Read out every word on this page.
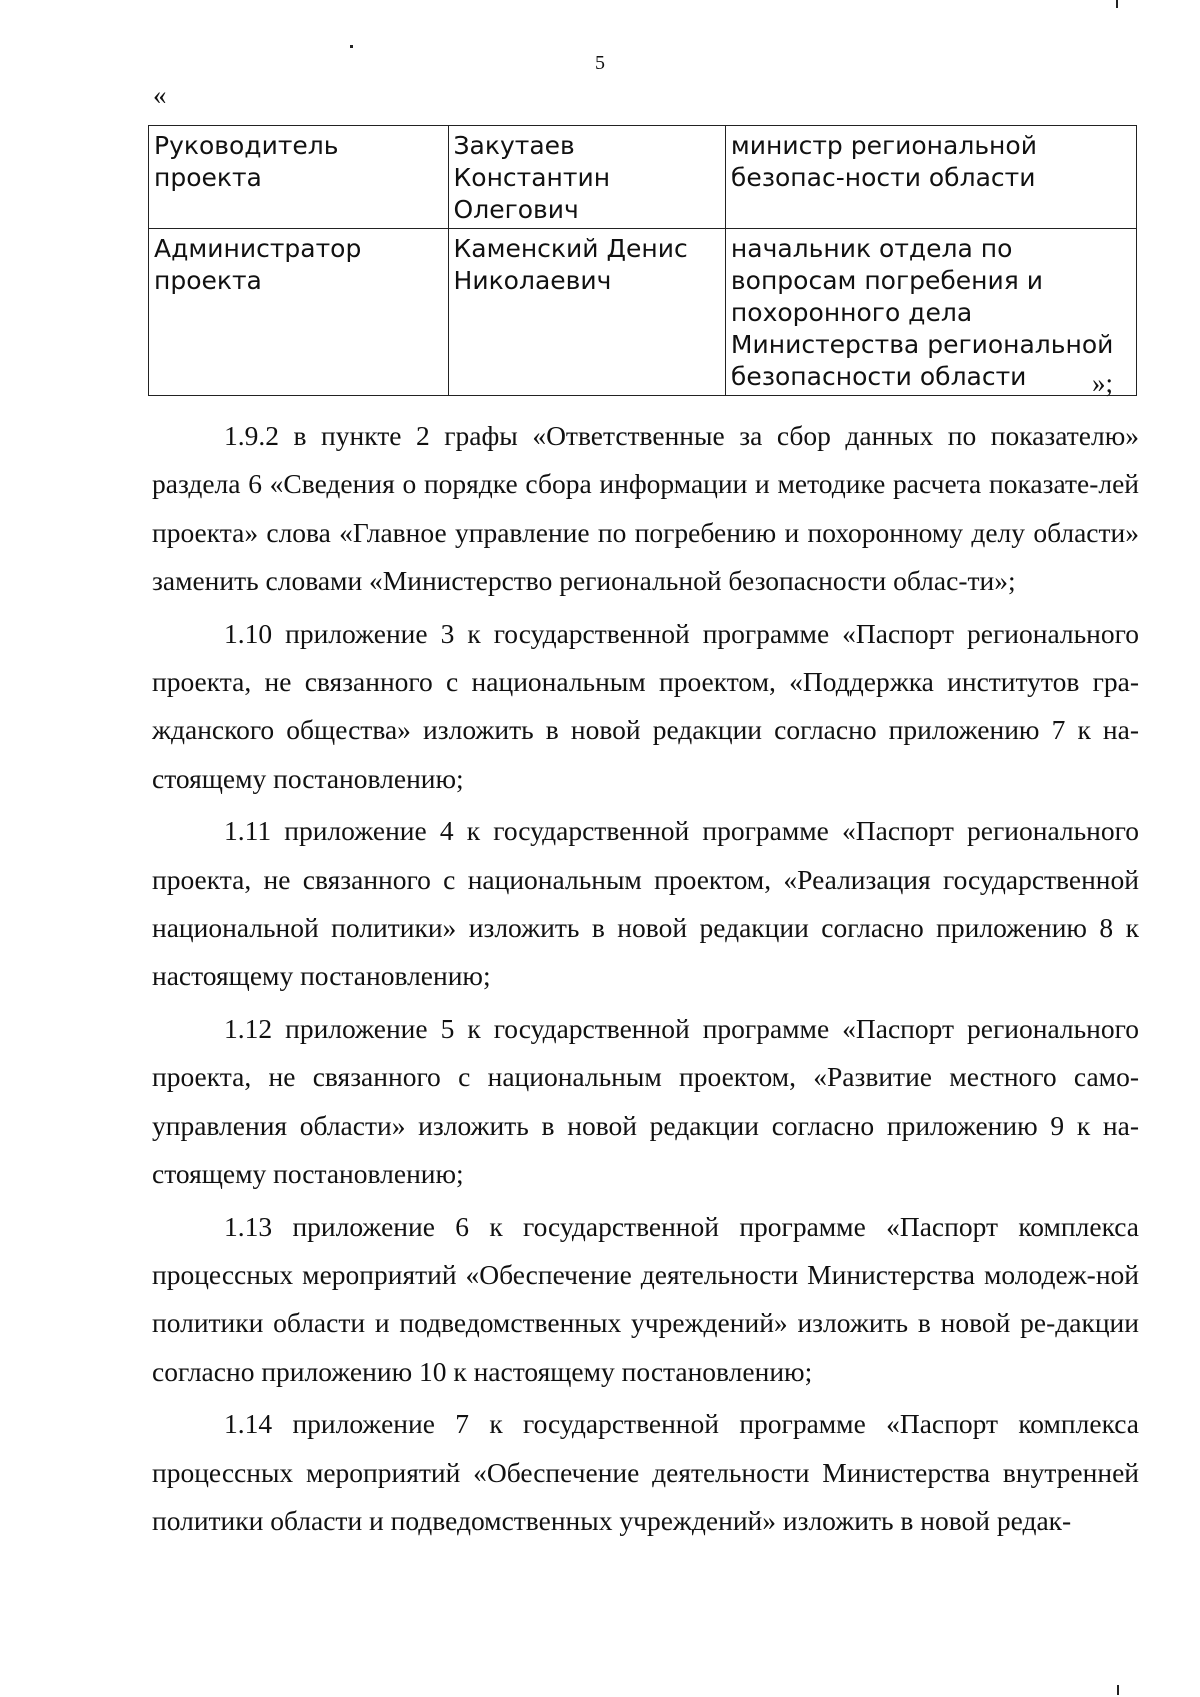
5
«
Руководитель проекта	Закутаев Константин Олегович	министр региональной безопас-ности области
Администратор проекта	Каменский Денис Николаевич	начальник отдела по вопросам погребения и похоронного дела Министерства региональной безопасности области »;

1.9.2 в пункте 2 графы «Ответственные за сбор данных по показателю» раздела 6 «Сведения о порядке сбора информации и методике расчета показате-лей проекта» слова «Главное управление по погребению и похоронному делу области» заменить словами «Министерство региональной безопасности облас-ти»;

1.10 приложение 3 к государственной программе «Паспорт регионального проекта, не связанного с национальным проектом, «Поддержка институтов гра-жданского общества» изложить в новой редакции согласно приложению 7 к на-стоящему постановлению;

1.11 приложение 4 к государственной программе «Паспорт регионального проекта, не связанного с национальным проектом, «Реализация государственной национальной политики» изложить в новой редакции согласно приложению 8 к настоящему постановлению;

1.12 приложение 5 к государственной программе «Паспорт регионального проекта, не связанного с национальным проектом, «Развитие местного само-управления области» изложить в новой редакции согласно приложению 9 к на-стоящему постановлению;

1.13 приложение 6 к государственной программе «Паспорт комплекса процессных мероприятий «Обеспечение деятельности Министерства молодеж-ной политики области и подведомственных учреждений» изложить в новой ре-дакции согласно приложению 10 к настоящему постановлению;

1.14 приложение 7 к государственной программе «Паспорт комплекса процессных мероприятий «Обеспечение деятельности Министерства внутренней политики области и подведомственных учреждений» изложить в новой редак-
